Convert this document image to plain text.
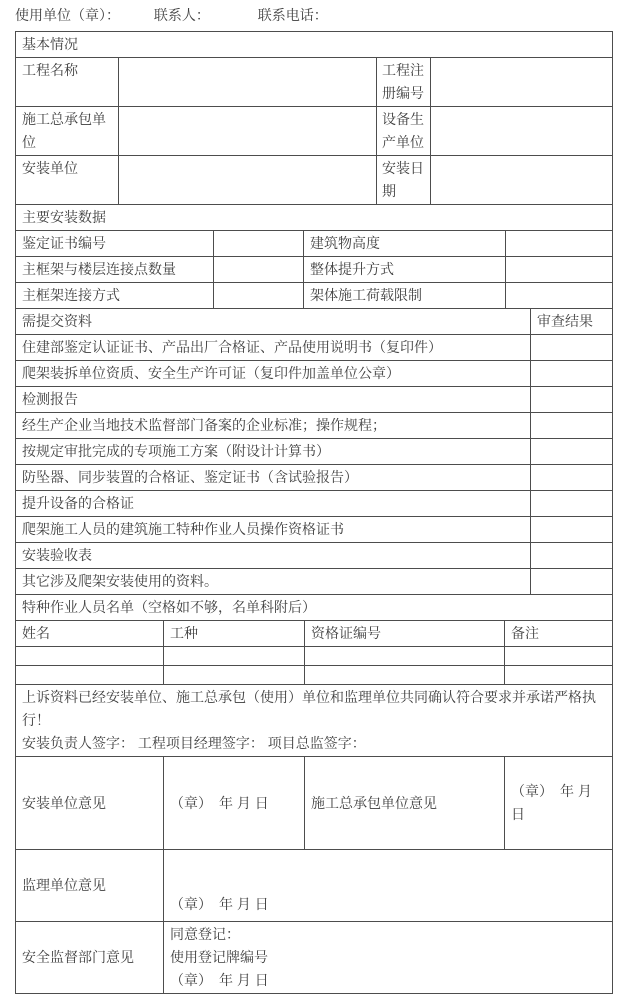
使用单位（章）： 联系人：	联系电话：
基本情况			
工程名称		工程注册编号	
施工总承包单位		设备生产单位	
安装单位		安装日期	
主要安装数据			
鉴定证书编号		建筑物高度	
主框架与楼层连接点数量		整体提升方式	
主框架连接方式		架体施工荷载限制	
需提交资料	审查结果
住建部鉴定认证证书、产品出厂合格证、产品使用说明书（复印件）	
爬架装拆单位资质、安全生产许可证（复印件加盖单位公章）	
检测报告	
经生产企业当地技术监督部门备案的企业标准；操作规程；	
按规定审批完成的专项施工方案（附设计计算书）	
防坠器、同步装置的合格证、鉴定证书（含试验报告）	
提升设备的合格证	
爬架施工人员的建筑施工特种作业人员操作资格证书	
安装验收表	
其它涉及爬架安装使用的资料。	
特种作业人员名单（空格如不够，名单科附后）			
姓名	工种	资格证编号	备注

上诉资料已经安装单位、施工总承包（使用）单位和监理单位共同确认符合要求并承诺严格执行！
安装负责人签字： 工程项目经理签字： 项目总监签字：			

安装单位意见	（章）　年 月 日	施工总承包单位意见	（章）　年 月 日
监理单位意见	（章）　年 月 日		
安全监督部门意见	同意登记：
使用登记牌编号
（章）　年 月 日		
